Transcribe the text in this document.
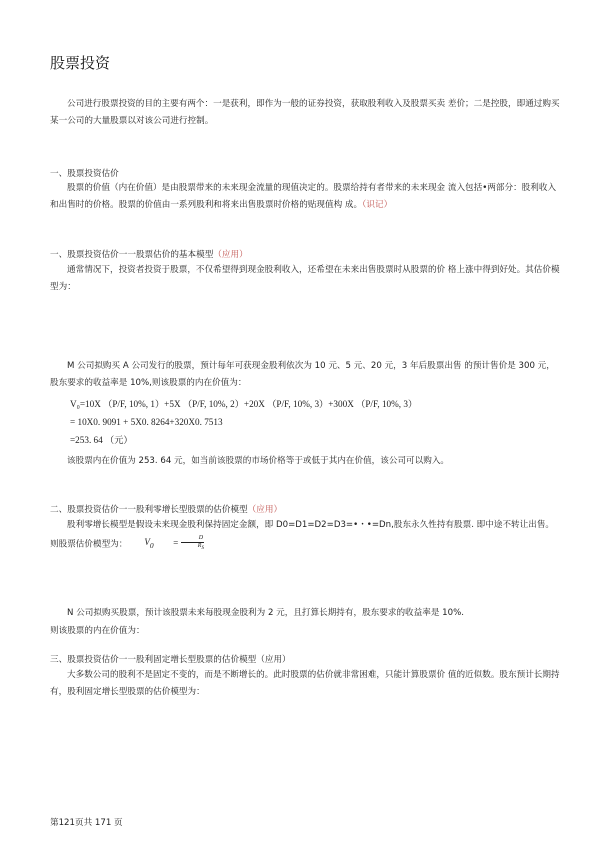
股票投资

公司进行股票投资的目的主要有两个：一是获利，即作为一般的证券投资，获取股利收入及股票买卖 差价；二是控股，即通过购买某一公司的大量股票以对该公司进行控制。

一、股票投资估价

股票的价值（内在价值）是由股票带来的未来现金流量的现值决定的。股票给持有者带来的未来现金 流入包括•两部分：股利收入和出售时的价格。股票的价值由一系列股利和将来出售股票时价格的贴现值构 成。（识记）

一、股票投资估价一一股票估价的基本模型（应用）

通常情况下，投资者投资于股票，不仅希望得到现金股利收入，还希望在未来出售股票时从股票的价 格上涨中得到好处。其估价模型为：

M 公司拟购买 A 公司发行的股票，预计每年可获现金股利依次为 10 元、5 元、20 元，3 年后股票出售 的预计售价是 300 元，股东要求的收益率是 10%,则该股票的内在价值为：

V₀=10X （P/F, 10%, 1）+5X （P/F, 10%, 2）+20X （P/F, 10%, 3）+300X （P/F, 10%, 3）
= 10X0. 9091 + 5X0. 8264+320X0. 7513
=253. 64 （元）

该股票内在价值为 253. 64 元，如当前该股票的市场价格等于或低于其内在价值，该公司可以购入。

二、股票投资估价一一股利零增长型股票的估价模型（应用）

股利零增长模型是假设未来现金股利保持固定金额，即 D0=D1=D2=D3=•・•=Dn,股东永久性持有股票. 即中途不转让出售。则股票估价模型为：	$V_0$	= $\frac{D}{R_S}$

N 公司拟购买股票，预计该股票未来每股现金股利为 2 元，且打算长期持有，股东要求的收益率是 10%.

则该股票的内在价值为：

三、股票投资估价一一股利固定增长型股票的估价模型（应用）

大多数公司的股利不是固定不变的，而是不断增长的。此时股票的估价就非常困难，只能计算股票价 值的近似数。股东预计长期持有，股利固定增长型股票的估价模型为：

第121页共 171 页
